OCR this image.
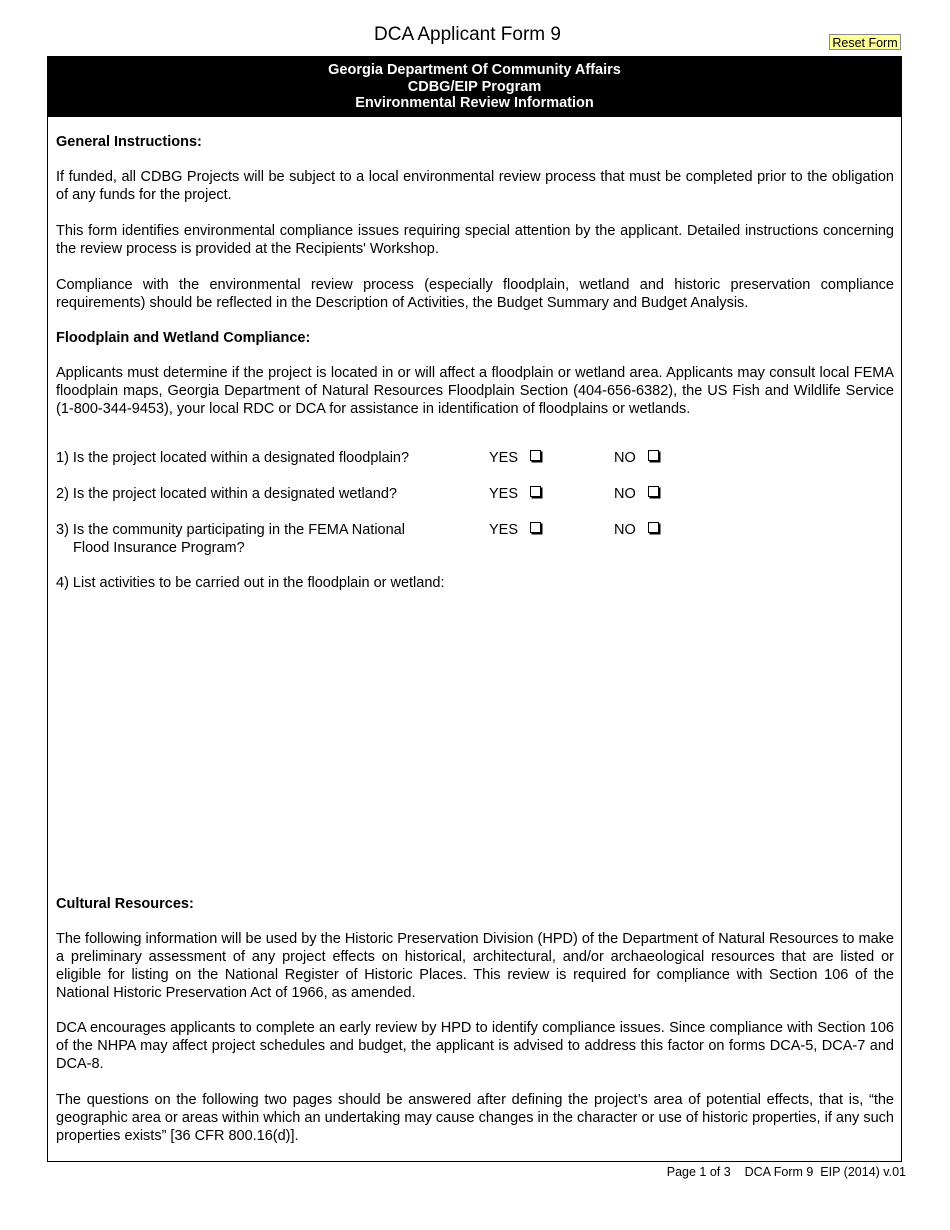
DCA Applicant Form 9	Reset Form
Georgia Department Of Community Affairs
CDBG/EIP Program
Environmental Review Information
General Instructions:
If funded, all CDBG Projects will be subject to a local environmental review process that must be completed prior to the obligation of any funds for the project.
This form identifies environmental compliance issues requiring special attention by the applicant. Detailed instructions concerning the review process is provided at the Recipients' Workshop.
Compliance with the environmental review process (especially floodplain, wetland and historic preservation compliance requirements) should be reflected in the Description of Activities, the Budget Summary and Budget Analysis.
Floodplain and Wetland Compliance:
Applicants must determine if the project is located in or will affect a floodplain or wetland area. Applicants may consult local FEMA floodplain maps, Georgia Department of Natural Resources Floodplain Section (404-656-6382), the US Fish and Wildlife Service (1-800-344-9453), your local RDC or DCA for assistance in identification of floodplains or wetlands.
1) Is the project located within a designated floodplain?	YES	NO
2) Is the project located within a designated wetland?	YES	NO
3) Is the community participating in the FEMA National
Flood Insurance Program?
YES	NO
4) List activities to be carried out in the floodplain or wetland:
Cultural Resources:
The following information will be used by the Historic Preservation Division (HPD) of the Department of Natural Resources to make a preliminary assessment of any project effects on historical, architectural, and/or archaeological resources that are listed or eligible for listing on the National Register of Historic Places. This review is required for compliance with Section 106 of the National Historic Preservation Act of 1966, as amended.
DCA encourages applicants to complete an early review by HPD to identify compliance issues. Since compliance with Section 106 of the NHPA may affect project schedules and budget, the applicant is advised to address this factor on forms DCA-5, DCA-7 and DCA-8.
The questions on the following two pages should be answered after defining the project’s area of potential effects, that is, “the geographic area or areas within which an undertaking may cause changes in the character or use of historic properties, if any such properties exists” [36 CFR 800.16(d)].
Page 1 of 3    DCA Form 9  EIP (2014) v.01
